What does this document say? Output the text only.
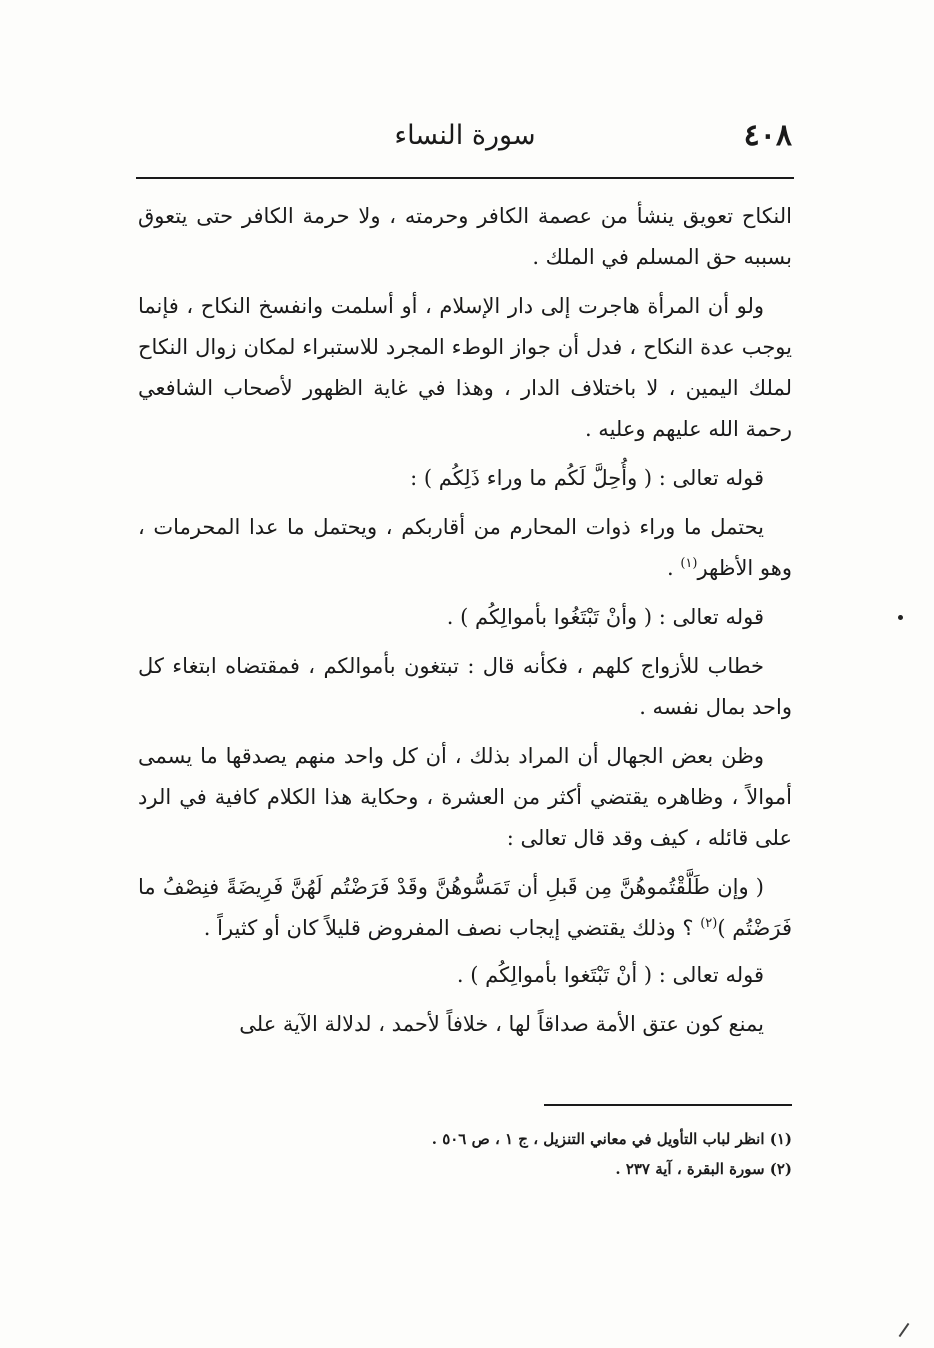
٤٠٨
سورة النساء

النكاح تعويق ينشأ من عصمة الكافر وحرمته ، ولا حرمة الكافر حتى يتعوق بسببه حق المسلم في الملك .

ولو أن المرأة هاجرت إلى دار الإسلام ، أو أسلمت وانفسخ النكاح ، فإنما يوجب عدة النكاح ، فدل أن جواز الوطء المجرد للاستبراء لمكان زوال النكاح لملك اليمين ، لا باختلاف الدار ، وهذا في غاية الظهور لأصحاب الشافعي رحمة الله عليهم وعليه .

قوله تعالى : ( وأُحِلَّ لَكُم ما وراء ذَلِكُم ) :

يحتمل ما وراء ذوات المحارم من أقاربكم ، ويحتمل ما عدا المحرمات ، وهو الأظهر$^{(١)}$ .

قوله تعالى : ( وأنْ تَبْتَغُوا بأموالِكُم ) .

خطاب للأزواج كلهم ، فكأنه قال : تبتغون بأموالكم ، فمقتضاه ابتغاء كل واحد بمال نفسه .

وظن بعض الجهال أن المراد بذلك ، أن كل واحد منهم يصدقها ما يسمى أموالاً ، وظاهره يقتضي أكثر من العشرة ، وحكاية هذا الكلام كافية في الرد على قائله ، كيف وقد قال تعالى :

( وإن طَلَّقْتُموهُنَّ مِن قَبلِ أن تَمَسُّوهُنَّ وقَدْ فَرَضْتُم لَهُنَّ فَرِيضَةً فنِصْفُ ما فَرَضْتُم )$^{(٢)}$ ؟ وذلك يقتضي إيجاب نصف المفروض قليلاً كان أو كثيراً .

قوله تعالى : ( أنْ تَبْتَغوا بأموالِكُم ) .

يمنع كون عتق الأمة صداقاً لها ، خلافاً لأحمد ، لدلالة الآية على

(١) انظر لباب التأويل في معاني التنزيل ، ج ١ ، ص ٥٠٦ .

(٢) سورة البقرة ، آية ٢٣٧ .
